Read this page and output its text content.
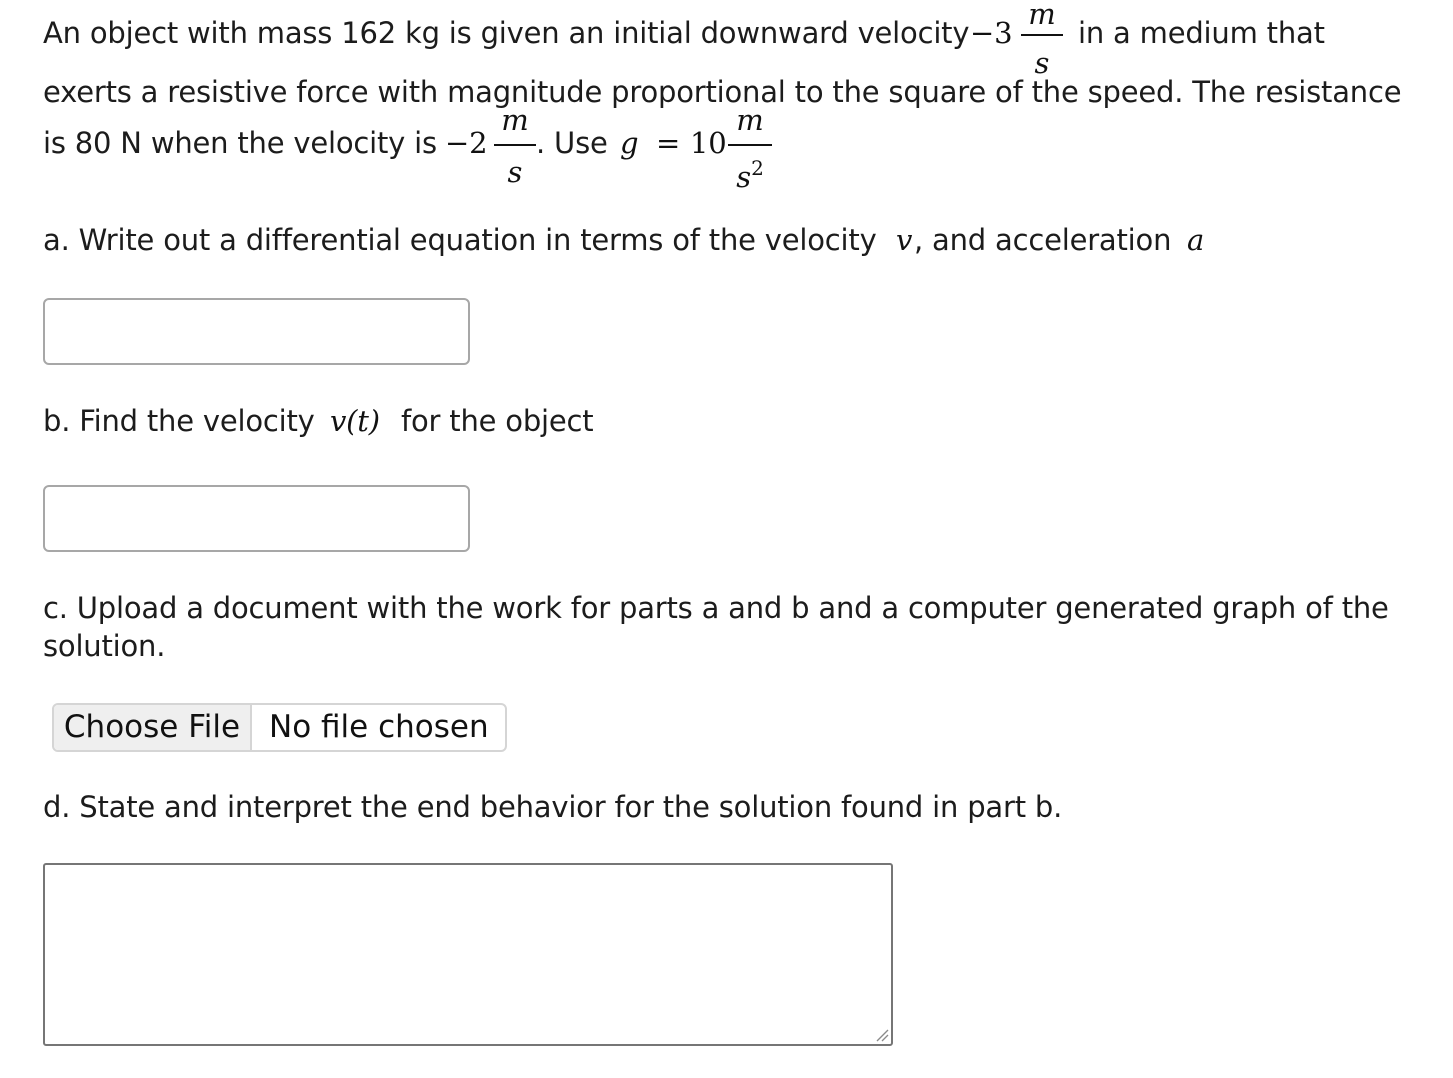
An object with mass 162 kg is given an initial downward velocity −3
m
s
in a medium that
exerts a resistive force with magnitude proportional to the square of the speed. The resistance
is 80 N when the velocity is −2
m
s
. Use g = 10
m
$s^2$
a. Write out a differential equation in terms of the velocity v , and acceleration a
b. Find the velocity v(t) for the object
c. Upload a document with the work for parts a and b and a computer generated graph of the
solution.
Choose File No file chosen
d. State and interpret the end behavior for the solution found in part b.
